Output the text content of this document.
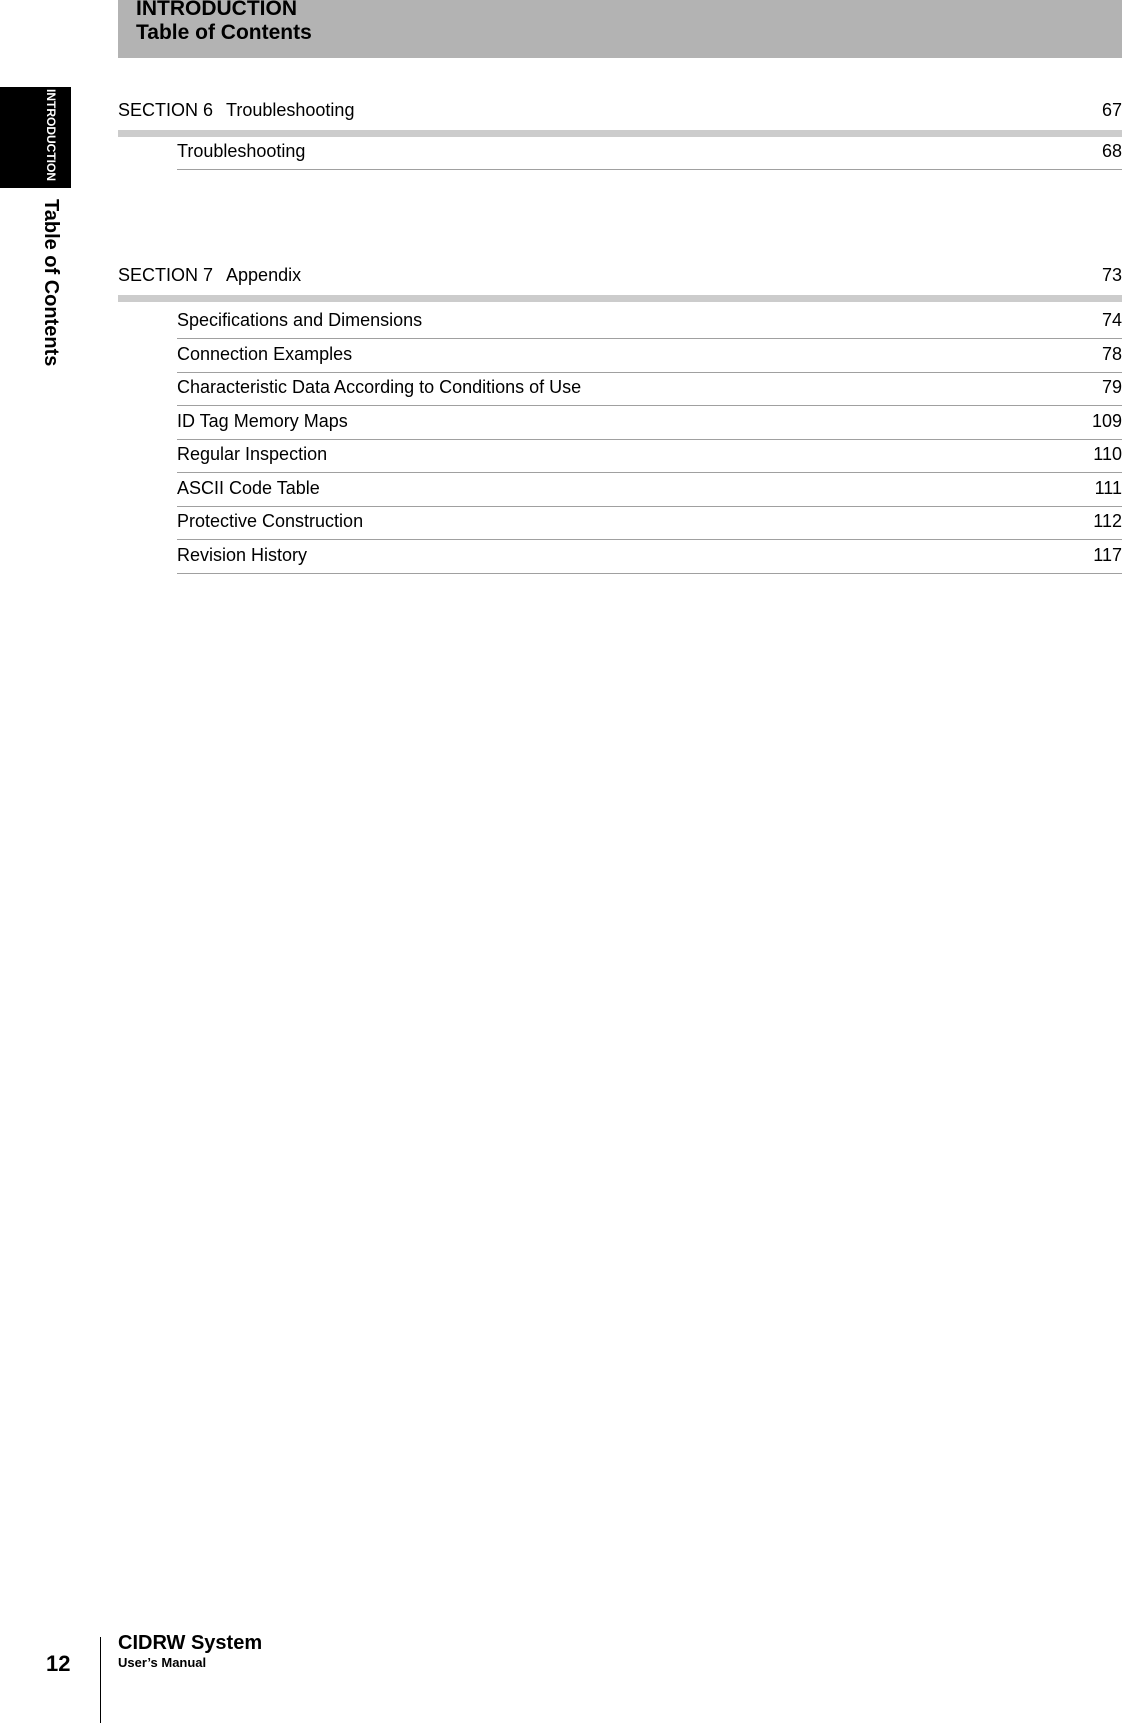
INTRODUCTION
Table of Contents
INTRODUCTION
Table of Contents
SECTION 6 Troubleshooting	67
Troubleshooting	68
SECTION 7 Appendix	73
Specifications and Dimensions	74
Connection Examples	78
Characteristic Data According to Conditions of Use	79
ID Tag Memory Maps	109
Regular Inspection	110
ASCII Code Table	111
Protective Construction	112
Revision History	117
12
CIDRW System
User’s Manual
